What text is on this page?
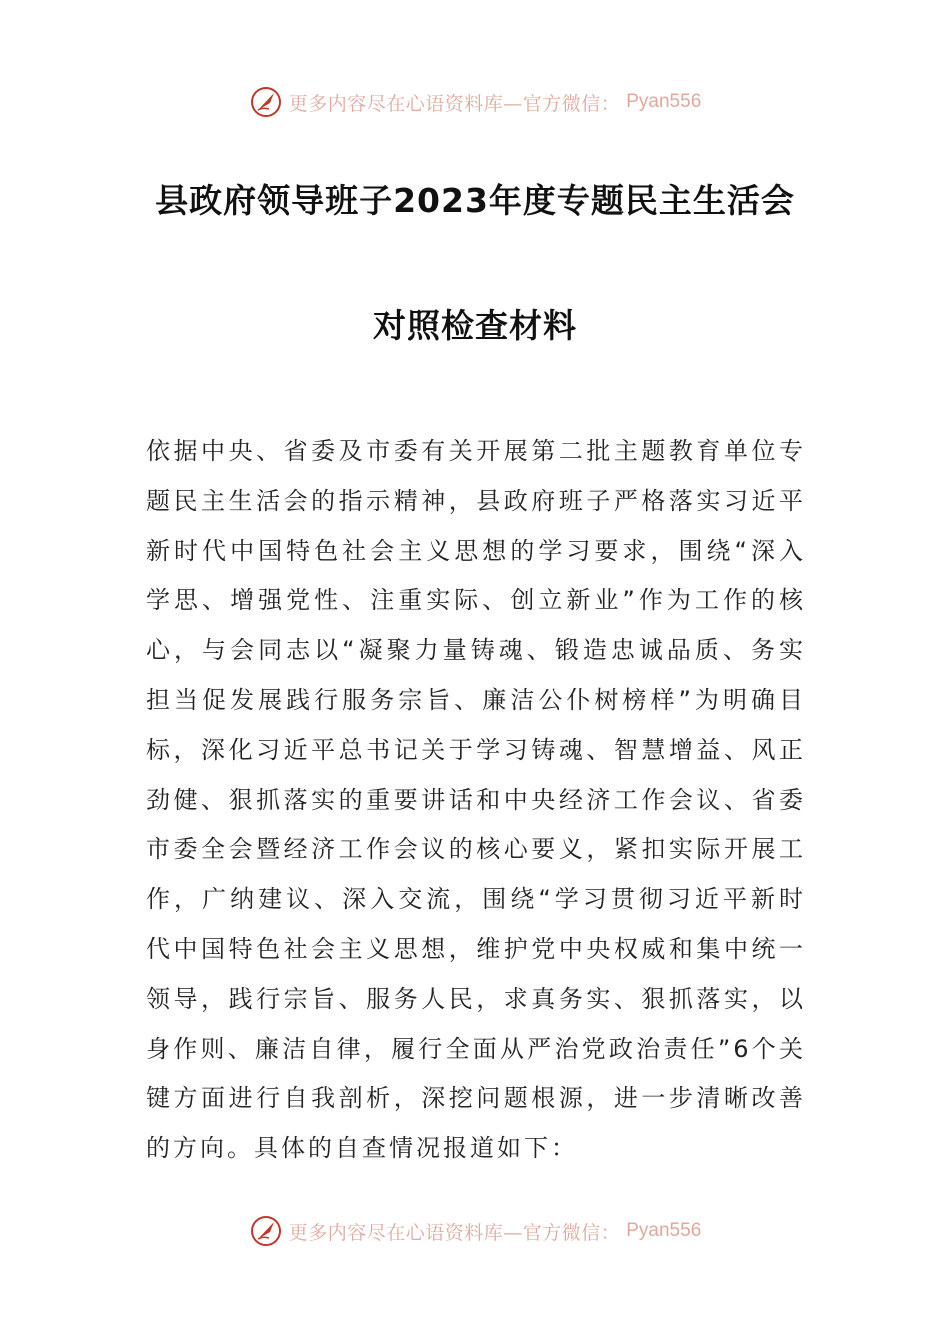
更多内容尽在心语资料库—官方微信： Pyan556
县政府领导班子2023年度专题民主生活会
对照检查材料

依据中央、省委及市委有关开展第二批主题教育单位专题民主生活会的指示精神，县政府班子严格落实习近平新时代中国特色社会主义思想的学习要求，围绕“深入学思、增强党性、注重实际、创立新业”作为工作的核心，与会同志以“凝聚力量铸魂、锻造忠诚品质、务实担当促发展践行服务宗旨、廉洁公仆树榜样”为明确目标，深化习近平总书记关于学习铸魂、智慧增益、风正劲健、狠抓落实的重要讲话和中央经济工作会议、省委市委全会暨经济工作会议的核心要义，紧扣实际开展工作，广纳建议、深入交流，围绕“学习贯彻习近平新时代中国特色社会主义思想，维护党中央权威和集中统一领导，践行宗旨、服务人民，求真务实、狠抓落实，以身作则、廉洁自律，履行全面从严治党政治责任”6个关键方面进行自我剖析，深挖问题根源，进一步清晰改善的方向。具体的自查情况报道如下：

更多内容尽在心语资料库—官方微信： Pyan556
